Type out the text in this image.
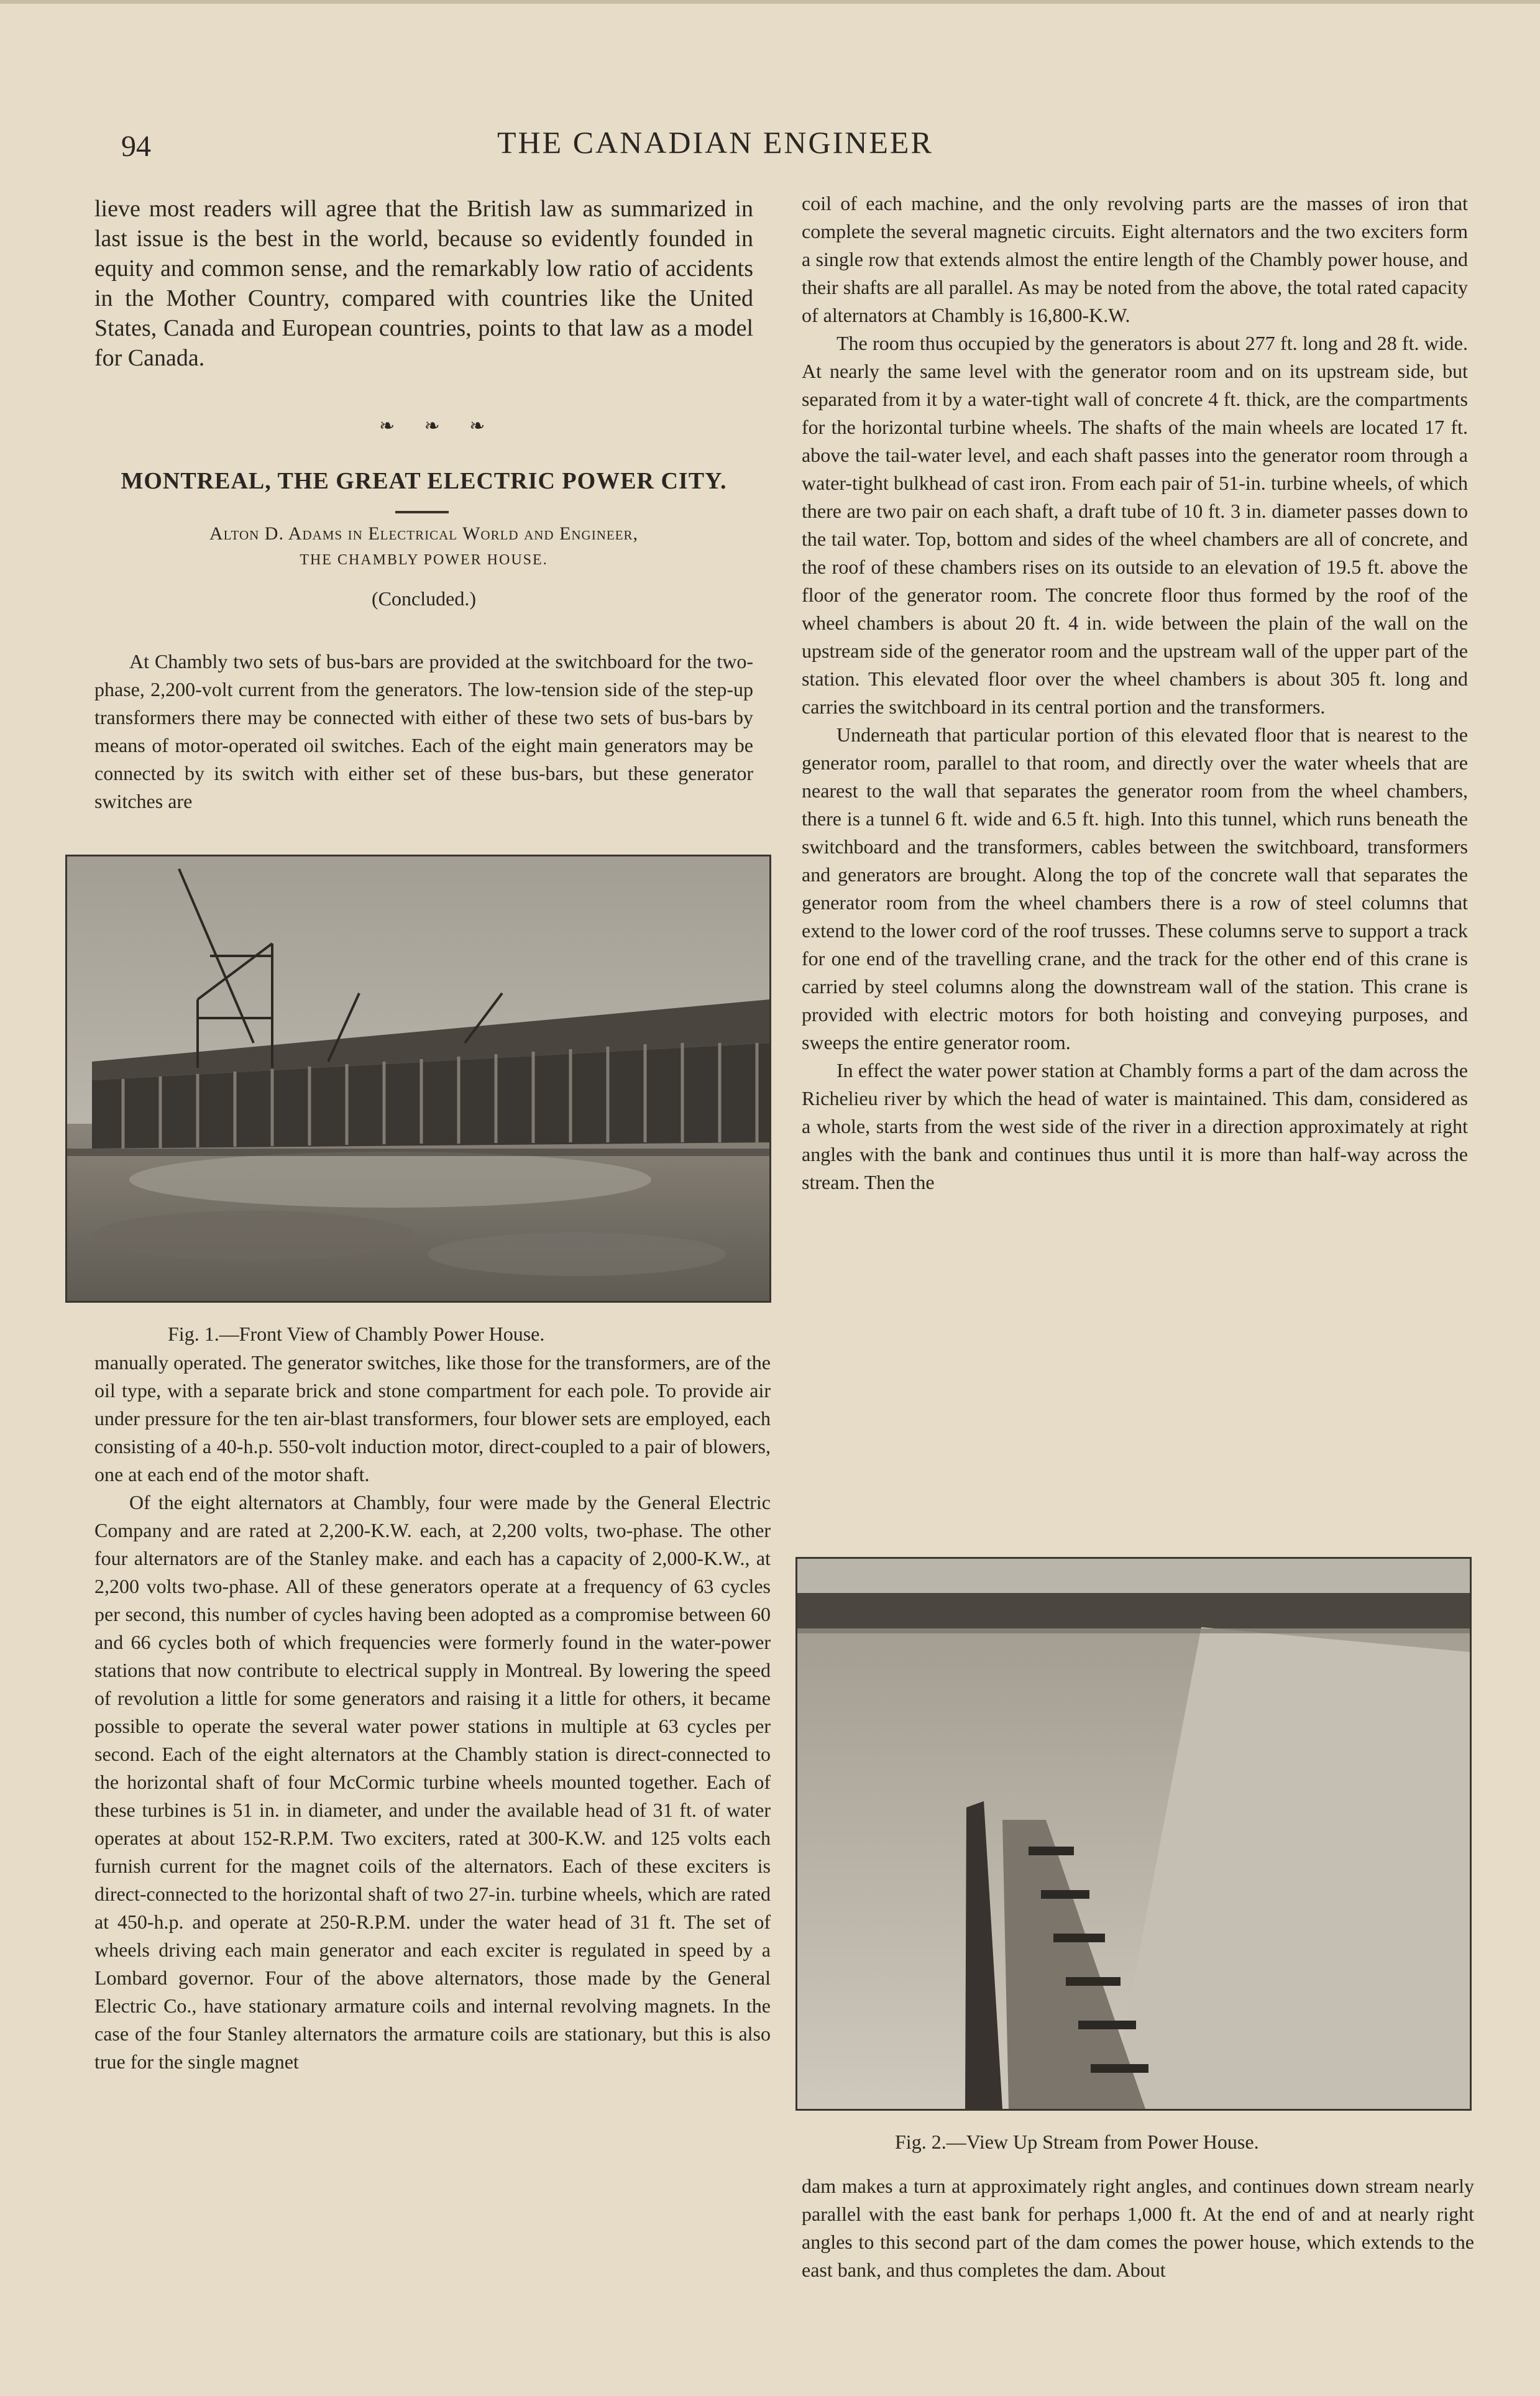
94	THE CANADIAN ENGINEER

lieve most readers will agree that the British law as summarized in last issue is the best in the world, because so evidently founded in equity and common sense, and the remarkably low ratio of accidents in the Mother Country, compared with countries like the United States, Canada and European countries, points to that law as a model for Canada.

❧ ❧ ❧
MONTREAL, THE GREAT ELECTRIC POWER CITY.
Alton D. Adams in Electrical World and Engineer,
THE CHAMBLY POWER HOUSE.
(Concluded.)

At Chambly two sets of bus-bars are provided at the switchboard for the two-phase, 2,200-volt current from the generators. The low-tension side of the step-up transformers there may be connected with either of these two sets of bus-bars by means of motor-operated oil switches. Each of the eight main generators may be connected by its switch with either set of these bus-bars, but these generator switches are

Fig. 1.—Front View of Chambly Power House.

manually operated. The generator switches, like those for the transformers, are of the oil type, with a separate brick and stone compartment for each pole. To provide air under pressure for the ten air-blast transformers, four blower sets are employed, each consisting of a 40-h.p. 550-volt induction motor, direct-coupled to a pair of blowers, one at each end of the motor shaft.

Of the eight alternators at Chambly, four were made by the General Electric Company and are rated at 2,200-K.W. each, at 2,200 volts, two-phase. The other four alternators are of the Stanley make. and each has a capacity of 2,000-K.W., at 2,200 volts two-phase. All of these generators operate at a frequency of 63 cycles per second, this number of cycles having been adopted as a compromise between 60 and 66 cycles both of which frequencies were formerly found in the water-power stations that now contribute to electrical supply in Montreal. By lowering the speed of revolution a little for some generators and raising it a little for others, it became possible to operate the several water power stations in multiple at 63 cycles per second. Each of the eight alternators at the Chambly station is direct-connected to the horizontal shaft of four McCormic turbine wheels mounted together. Each of these turbines is 51 in. in diameter, and under the available head of 31 ft. of water operates at about 152-R.P.M. Two exciters, rated at 300-K.W. and 125 volts each furnish current for the magnet coils of the alternators. Each of these exciters is direct-connected to the horizontal shaft of two 27-in. turbine wheels, which are rated at 450-h.p. and operate at 250-R.P.M. under the water head of 31 ft. The set of wheels driving each main generator and each exciter is regulated in speed by a Lombard governor. Four of the above alternators, those made by the General Electric Co., have stationary armature coils and internal revolving magnets. In the case of the four Stanley alternators the armature coils are stationary, but this is also true for the single magnet

coil of each machine, and the only revolving parts are the masses of iron that complete the several magnetic circuits. Eight alternators and the two exciters form a single row that extends almost the entire length of the Chambly power house, and their shafts are all parallel. As may be noted from the above, the total rated capacity of alternators at Chambly is 16,800-K.W.

The room thus occupied by the generators is about 277 ft. long and 28 ft. wide. At nearly the same level with the generator room and on its upstream side, but separated from it by a water-tight wall of concrete 4 ft. thick, are the compartments for the horizontal turbine wheels. The shafts of the main wheels are located 17 ft. above the tail-water level, and each shaft passes into the generator room through a water-tight bulkhead of cast iron. From each pair of 51-in. turbine wheels, of which there are two pair on each shaft, a draft tube of 10 ft. 3 in. diameter passes down to the tail water. Top, bottom and sides of the wheel chambers are all of concrete, and the roof of these chambers rises on its outside to an elevation of 19.5 ft. above the floor of the generator room. The concrete floor thus formed by the roof of the wheel chambers is about 20 ft. 4 in. wide between the plain of the wall on the upstream side of the generator room and the upstream wall of the upper part of the station. This elevated floor over the wheel chambers is about 305 ft. long and carries the switchboard in its central portion and the transformers.

Underneath that particular portion of this elevated floor that is nearest to the generator room, parallel to that room, and directly over the water wheels that are nearest to the wall that separates the generator room from the wheel chambers, there is a tunnel 6 ft. wide and 6.5 ft. high. Into this tunnel, which runs beneath the switchboard and the transformers, cables between the switchboard, transformers and generators are brought. Along the top of the concrete wall that separates the generator room from the wheel chambers there is a row of steel columns that extend to the lower cord of the roof trusses. These columns serve to support a track for one end of the travelling crane, and the track for the other end of this crane is carried by steel columns along the downstream wall of the station. This crane is provided with electric motors for both hoisting and conveying purposes, and sweeps the entire generator room.

In effect the water power station at Chambly forms a part of the dam across the Richelieu river by which the head of water is maintained. This dam, considered as a whole, starts from the west side of the river in a direction approximately at right angles with the bank and continues thus until it is more than half-way across the stream. Then the

Fig. 2.—View Up Stream from Power House.

dam makes a turn at approximately right angles, and continues down stream nearly parallel with the east bank for perhaps 1,000 ft. At the end of and at nearly right angles to this second part of the dam comes the power house, which extends to the east bank, and thus completes the dam. About
